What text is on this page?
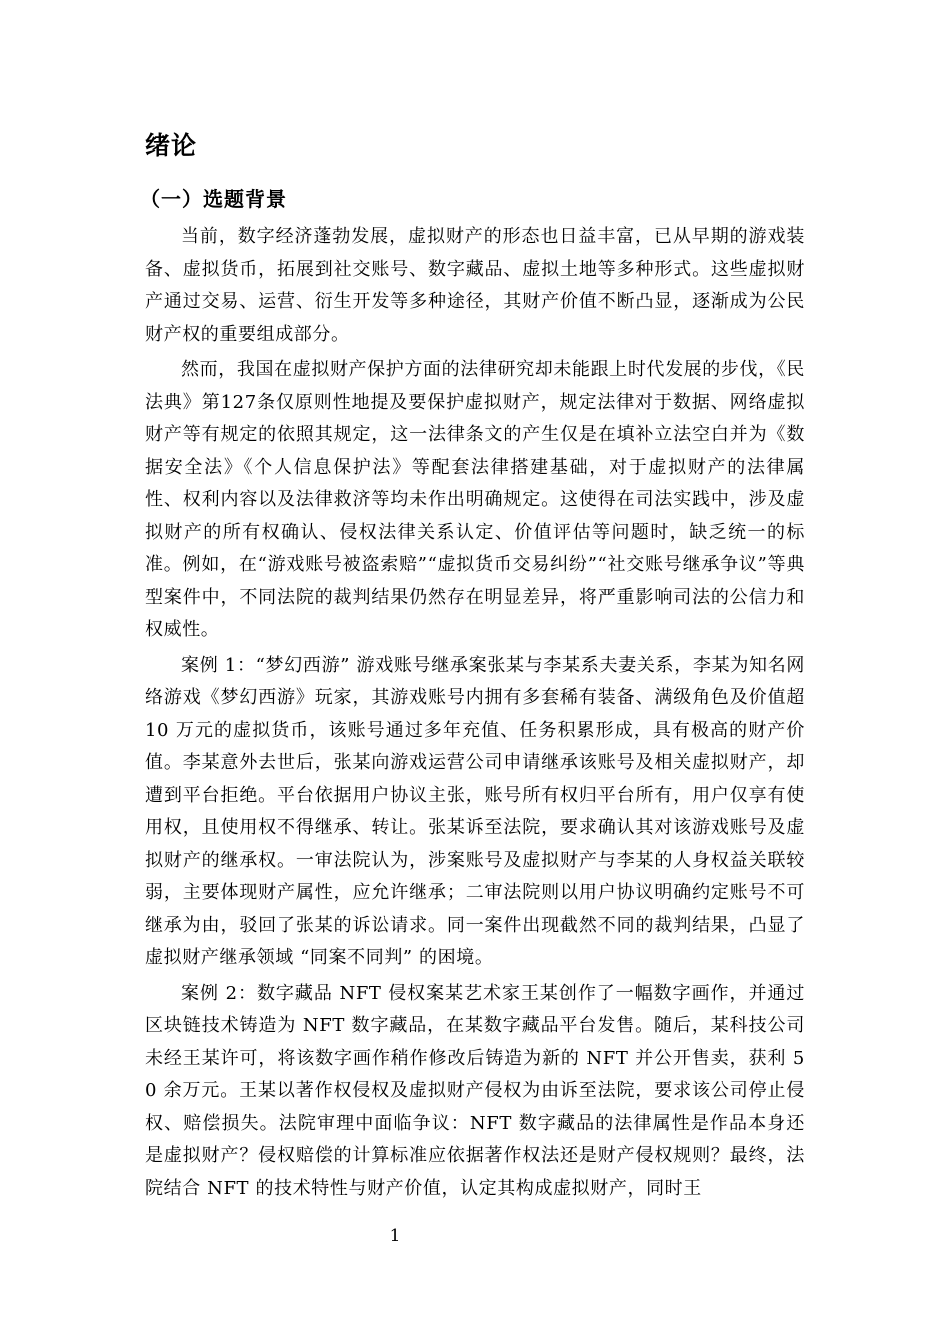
绪论
（一）选题背景

当前，数字经济蓬勃发展，虚拟财产的形态也日益丰富，已从早期的游戏装备、虚拟货币，拓展到社交账号、数字藏品、虚拟土地等多种形式。这些虚拟财产通过交易、运营、衍生开发等多种途径，其财产价值不断凸显，逐渐成为公民财产权的重要组成部分。

然而，我国在虚拟财产保护方面的法律研究却未能跟上时代发展的步伐，《民法典》第127条仅原则性地提及要保护虚拟财产，规定法律对于数据、网络虚拟财产等有规定的依照其规定，这一法律条文的产生仅是在填补立法空白并为《数据安全法》《个人信息保护法》等配套法律搭建基础，对于虚拟财产的法律属性、权利内容以及法律救济等均未作出明确规定。这使得在司法实践中，涉及虚拟财产的所有权确认、侵权法律关系认定、价值评估等问题时，缺乏统一的标准。例如，在“游戏账号被盗索赔”“虚拟货币交易纠纷”“社交账号继承争议”等典型案件中，不同法院的裁判结果仍然存在明显差异，将严重影响司法的公信力和权威性。

案例 1：“梦幻西游” 游戏账号继承案张某与李某系夫妻关系，李某为知名网络游戏《梦幻西游》玩家，其游戏账号内拥有多套稀有装备、满级角色及价值超 10 万元的虚拟货币，该账号通过多年充值、任务积累形成，具有极高的财产价值。李某意外去世后，张某向游戏运营公司申请继承该账号及相关虚拟财产，却遭到平台拒绝。平台依据用户协议主张，账号所有权归平台所有，用户仅享有使用权，且使用权不得继承、转让。张某诉至法院，要求确认其对该游戏账号及虚拟财产的继承权。一审法院认为，涉案账号及虚拟财产与李某的人身权益关联较弱，主要体现财产属性，应允许继承；二审法院则以用户协议明确约定账号不可继承为由，驳回了张某的诉讼请求。同一案件出现截然不同的裁判结果，凸显了虚拟财产继承领域 “同案不同判” 的困境。

案例 2：数字藏品 NFT 侵权案某艺术家王某创作了一幅数字画作，并通过区块链技术铸造为 NFT 数字藏品，在某数字藏品平台发售。随后，某科技公司未经王某许可，将该数字画作稍作修改后铸造为新的 NFT 并公开售卖，获利 50 余万元。王某以著作权侵权及虚拟财产侵权为由诉至法院，要求该公司停止侵权、赔偿损失。法院审理中面临争议：NFT 数字藏品的法律属性是作品本身还是虚拟财产？侵权赔偿的计算标准应依据著作权法还是财产侵权规则？最终，法院结合 NFT 的技术特性与财产价值，认定其构成虚拟财产，同时王

1
